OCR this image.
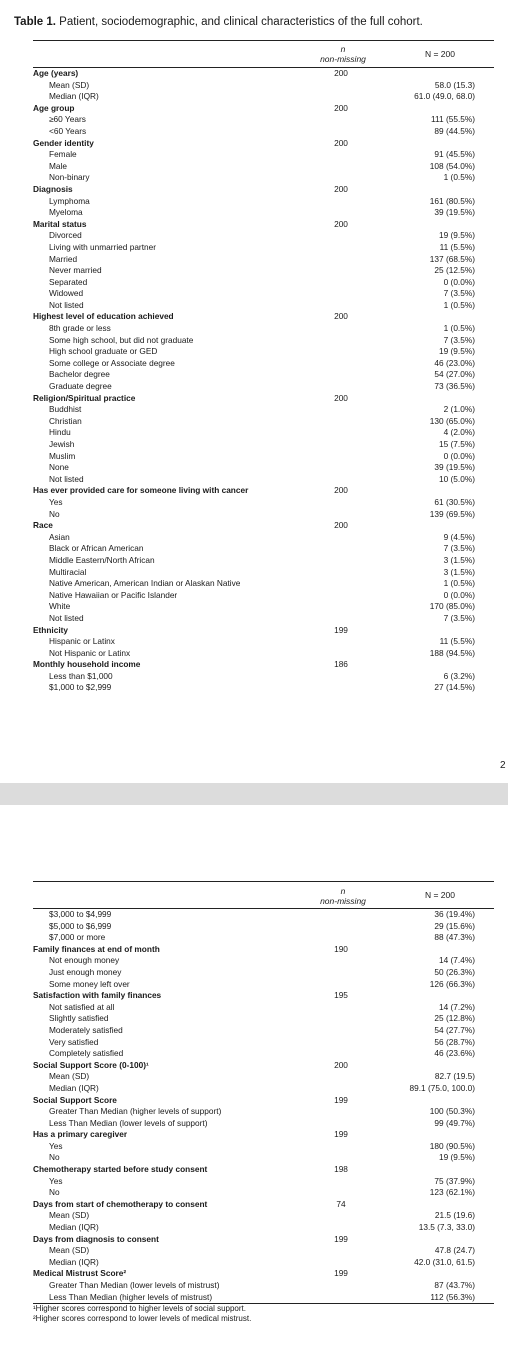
Table 1. Patient, sociodemographic, and clinical characteristics of the full cohort.
n
non-missing	N = 200
Age (years)	200
Mean (SD)	58.0 (15.3)
Median (IQR)	61.0 (49.0, 68.0)
Age group	200
≥60 Years	111 (55.5%)
<60 Years	89 (44.5%)
Gender identity	200
Female	91 (45.5%)
Male	108 (54.0%)
Non-binary	1 (0.5%)
Diagnosis	200
Lymphoma	161 (80.5%)
Myeloma	39 (19.5%)
Marital status	200
Divorced	19 (9.5%)
Living with unmarried partner	11 (5.5%)
Married	137 (68.5%)
Never married	25 (12.5%)
Separated	0 (0.0%)
Widowed	7 (3.5%)
Not listed	1 (0.5%)
Highest level of education achieved	200
8th grade or less	1 (0.5%)
Some high school, but did not graduate	7 (3.5%)
High school graduate or GED	19 (9.5%)
Some college or Associate degree	46 (23.0%)
Bachelor degree	54 (27.0%)
Graduate degree	73 (36.5%)
Religion/Spiritual practice	200
Buddhist	2 (1.0%)
Christian	130 (65.0%)
Hindu	4 (2.0%)
Jewish	15 (7.5%)
Muslim	0 (0.0%)
None	39 (19.5%)
Not listed	10 (5.0%)
Has ever provided care for someone living with cancer	200
Yes	61 (30.5%)
No	139 (69.5%)
Race	200
Asian	9 (4.5%)
Black or African American	7 (3.5%)
Middle Eastern/North African	3 (1.5%)
Multiracial	3 (1.5%)
Native American, American Indian or Alaskan Native	1 (0.5%)
Native Hawaiian or Pacific Islander	0 (0.0%)
White	170 (85.0%)
Not listed	7 (3.5%)
Ethnicity	199
Hispanic or Latinx	11 (5.5%)
Not Hispanic or Latinx	188 (94.5%)
Monthly household income	186
Less than $1,000	6 (3.2%)
$1,000 to $2,999	27 (14.5%)
2
n
non-missing
N = 200
$3,000 to $4,999	36 (19.4%)
$5,000 to $6,999	29 (15.6%)
$7,000 or more	88 (47.3%)
Family finances at end of month	190
Not enough money	14 (7.4%)
Just enough money	50 (26.3%)
Some money left over	126 (66.3%)
Satisfaction with family finances	195
Not satisfied at all	14 (7.2%)
Slightly satisfied	25 (12.8%)
Moderately satisfied	54 (27.7%)
Very satisfied	56 (28.7%)
Completely satisfied	46 (23.6%)
Social Support Score (0-100)¹	200
Mean (SD)	82.7 (19.5)
Median (IQR)	89.1 (75.0, 100.0)
Social Support Score	199
Greater Than Median (higher levels of support)	100 (50.3%)
Less Than Median (lower levels of support)	99 (49.7%)
Has a primary caregiver	199
Yes	180 (90.5%)
No	19 (9.5%)
Chemotherapy started before study consent	198
Yes	75 (37.9%)
No	123 (62.1%)
Days from start of chemotherapy to consent	74
Mean (SD)	21.5 (19.6)
Median (IQR)	13.5 (7.3, 33.0)
Days from diagnosis to consent	199
Mean (SD)	47.8 (24.7)
Median (IQR)	42.0 (31.0, 61.5)
Medical Mistrust Score²	199
Greater Than Median (lower levels of mistrust)	87 (43.7%)
Less Than Median (higher levels of mistrust)	112 (56.3%)
¹Higher scores correspond to higher levels of social support.
²Higher scores correspond to lower levels of medical mistrust.
